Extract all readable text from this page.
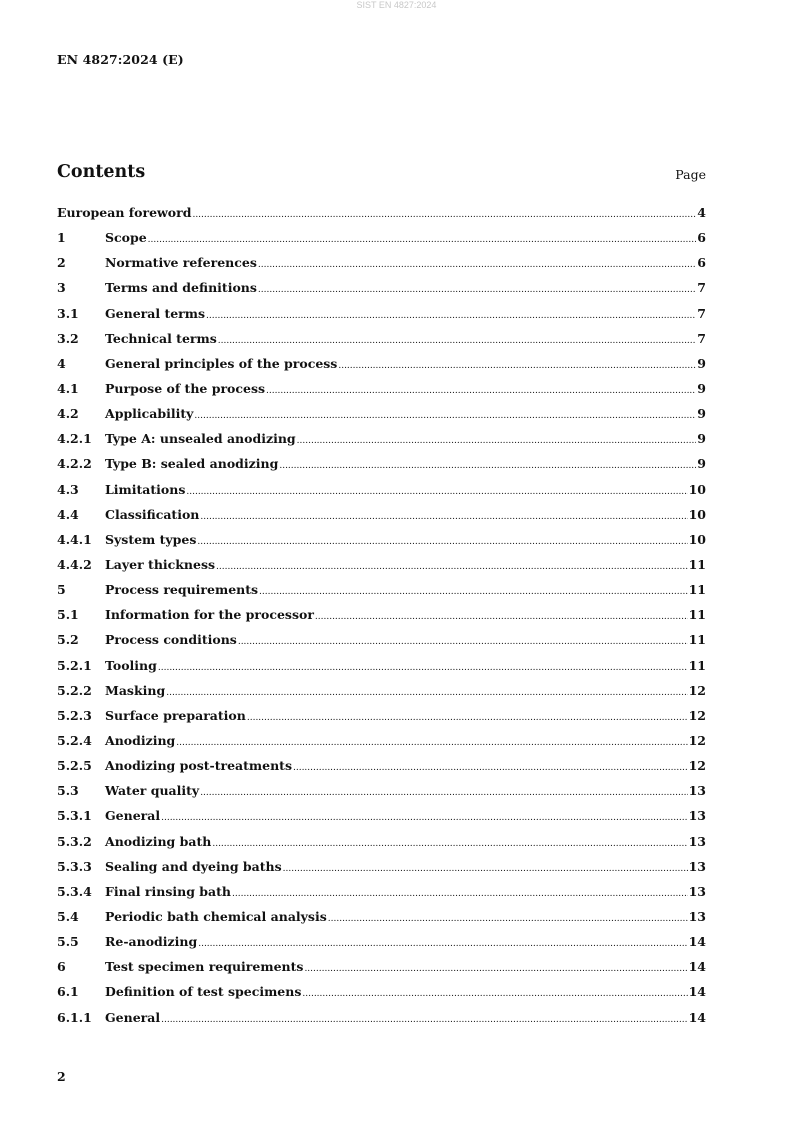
SIST EN 4827:2024
EN 4827:2024 (E)
Contents	Page
European foreword .....	4
1	Scope .....	6
2	Normative references .....	6
3	Terms and definitions .....	7
3.1	General terms .....	7
3.2	Technical terms .....	7
4	General principles of the process .....	9
4.1	Purpose of the process .....	9
4.2	Applicability .....	9
4.2.1	Type A: unsealed anodizing .....	9
4.2.2	Type B: sealed anodizing .....	9
4.3	Limitations .....	10
4.4	Classification .....	10
4.4.1	System types .....	10
4.4.2	Layer thickness .....	11
5	Process requirements .....	11
5.1	Information for the processor .....	11
5.2	Process conditions .....	11
5.2.1	Tooling .....	11
5.2.2	Masking .....	12
5.2.3	Surface preparation .....	12
5.2.4	Anodizing .....	12
5.2.5	Anodizing post-treatments .....	12
5.3	Water quality .....	13
5.3.1	General .....	13
5.3.2	Anodizing bath .....	13
5.3.3	Sealing and dyeing baths .....	13
5.3.4	Final rinsing bath .....	13
5.4	Periodic bath chemical analysis .....	13
5.5	Re-anodizing .....	14
6	Test specimen requirements .....	14
6.1	Definition of test specimens .....	14
6.1.1	General .....	14
2
